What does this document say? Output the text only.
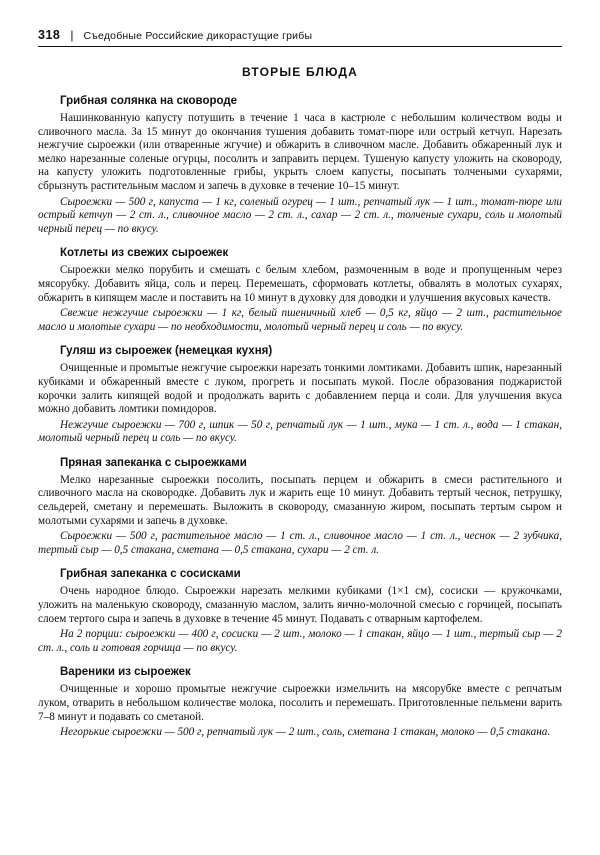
318 | Съедобные Российские дикорастущие грибы
ВТОРЫЕ БЛЮДА
Грибная солянка на сковороде

Нашинкованную капусту потушить в течение 1 часа в кастрюле с небольшим количеством воды и сливочного масла. За 15 минут до окончания тушения добавить томат-пюре или острый кетчуп. Нарезать нежгучие сыроежки (или отваренные жгучие) и обжарить в сливочном масле. Добавить обжаренный лук и мелко нарезанные соленые огурцы, посолить и заправить перцем. Тушеную капусту уложить на сковороду, на капусту уложить подготовленные грибы, укрыть слоем капусты, посыпать толчеными сухарями, сбрызнуть растительным маслом и запечь в духовке в течение 10–15 минут.

Сыроежки — 500 г, капуста — 1 кг, соленый огурец — 1 шт., репчатый лук — 1 шт., томат-пюре или острый кетчуп — 2 ст. л., сливочное масло — 2 ст. л., сахар — 2 ст. л., толченые сухари, соль и молотый черный перец — по вкусу.

Котлеты из свежих сыроежек

Сыроежки мелко порубить и смешать с белым хлебом, размоченным в воде и пропущенным через мясорубку. Добавить яйца, соль и перец. Перемешать, сформовать котлеты, обвалять в молотых сухарях, обжарить в кипящем масле и поставить на 10 минут в духовку для доводки и улучшения вкусовых качеств.

Свежие нежгучие сыроежки — 1 кг, белый пшеничный хлеб — 0,5 кг, яйцо — 2 шт., растительное масло и молотые сухари — по необходимости, молотый черный перец и соль — по вкусу.

Гуляш из сыроежек (немецкая кухня)

Очищенные и промытые нежгучие сыроежки нарезать тонкими ломтиками. Добавить шпик, нарезанный кубиками и обжаренный вместе с луком, прогреть и посыпать мукой. После образования поджаристой корочки залить кипящей водой и продолжать варить с добавлением перца и соли. Для улучшения вкуса можно добавить ломтики помидоров.

Нежгучие сыроежки — 700 г, шпик — 50 г, репчатый лук — 1 шт., мука — 1 ст. л., вода — 1 стакан, молотый черный перец и соль — по вкусу.

Пряная запеканка с сыроежками

Мелко нарезанные сыроежки посолить, посыпать перцем и обжарить в смеси растительного и сливочного масла на сковородке. Добавить лук и жарить еще 10 минут. Добавить тертый чеснок, петрушку, сельдерей, сметану и перемешать. Выложить в сковороду, смазанную жиром, посыпать тертым сыром и молотыми сухарями и запечь в духовке.

Сыроежки — 500 г, растительное масло — 1 ст. л., сливочное масло — 1 ст. л., чеснок — 2 зубчика, тертый сыр — 0,5 стакана, сметана — 0,5 стакана, сухари — 2 ст. л.

Грибная запеканка с сосисками

Очень народное блюдо. Сыроежки нарезать мелкими кубиками (1×1 см), сосиски — кружочками, уложить на маленькую сковороду, смазанную маслом, залить яично-молочной смесью с горчицей, посыпать слоем тертого сыра и запечь в духовке в течение 45 минут. Подавать с отварным картофелем.

На 2 порции: сыроежки — 400 г, сосиски — 2 шт., молоко — 1 стакан, яйцо — 1 шт., тертый сыр — 2 ст. л., соль и готовая горчица — по вкусу.

Вареники из сыроежек

Очищенные и хорошо промытые нежгучие сыроежки измельчить на мясорубке вместе с репчатым луком, отварить в небольшом количестве молока, посолить и перемешать. Приготовленные пельмени варить 7–8 минут и подавать со сметаной.

Негорькие сыроежки — 500 г, репчатый лук — 2 шт., соль, сметана 1 стакан, молоко — 0,5 стакана.
